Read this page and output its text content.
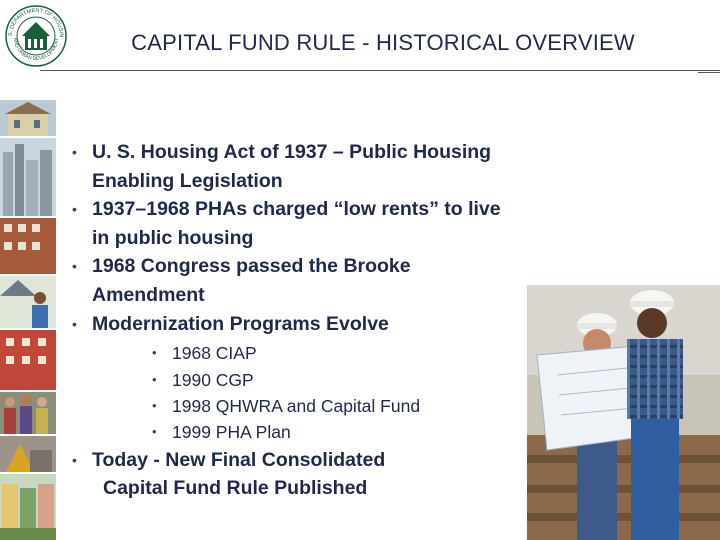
S. DEPARTMENT OF HOUSIN
AND URBAN DEVELOPMENT	CAPITAL FUND RULE - HISTORICAL OVERVIEW
• U. S. Housing Act of 1937 – Public Housing Enabling Legislation
• 1937–1968 PHAs charged “low rents” to live in public housing
• 1968 Congress passed the Brooke Amendment
• Modernization Programs Evolve
• 1968 CIAP
• 1990 CGP
• 1998 QHWRA and Capital Fund
• 1999 PHA Plan
• Today - New Final Consolidated
Capital Fund Rule Published
